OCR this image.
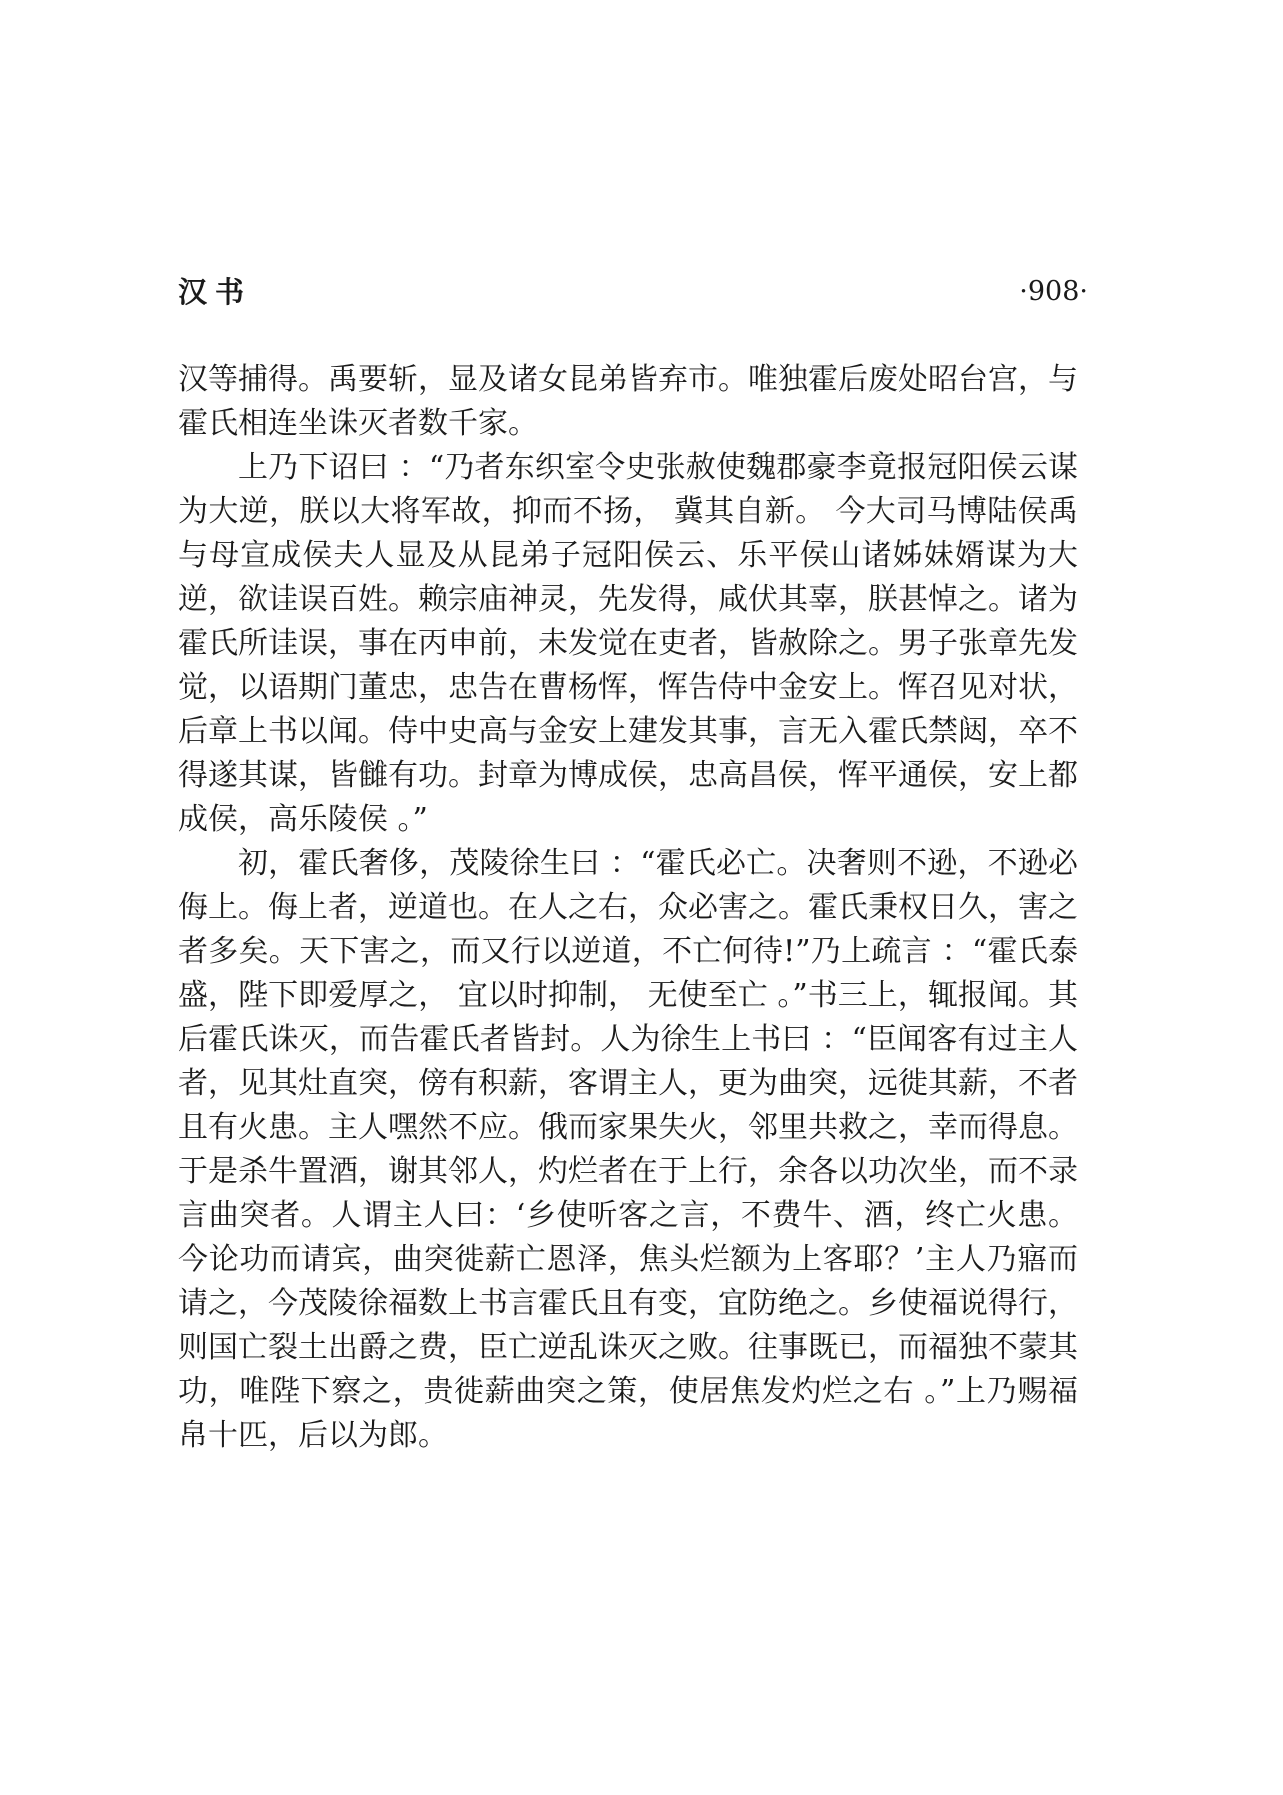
汉书	·908·

汉等捕得。禹要斩，显及诸女昆弟皆弃市。唯独霍后废处昭台宫，与霍氏相连坐诛灭者数千家。

上乃下诏曰 ：“乃者东织室令史张赦使魏郡豪李竟报冠阳侯云谋为大逆，朕以大将军故，抑而不扬， 冀其自新。 今大司马博陆侯禹与母宣成侯夫人显及从昆弟子冠阳侯云、乐平侯山诸姊妹婿谋为大逆，欲诖误百姓。赖宗庙神灵，先发得，咸伏其辜，朕甚悼之。诸为霍氏所诖误，事在丙申前，未发觉在吏者，皆赦除之。男子张章先发觉，以语期门董忠，忠告在曹杨恽，恽告侍中金安上。恽召见对状，后章上书以闻。侍中史高与金安上建发其事，言无入霍氏禁闼，卒不得遂其谋，皆雠有功。封章为博成侯，忠高昌侯，恽平通侯，安上都成侯，高乐陵侯 。”

初，霍氏奢侈，茂陵徐生曰 ：“霍氏必亡。决奢则不逊，不逊必侮上。侮上者，逆道也。在人之右，众必害之。霍氏秉权日久，害之者多矣。天下害之，而又行以逆道，不亡何待!”乃上疏言 ：“霍氏泰盛，陛下即爱厚之， 宜以时抑制， 无使至亡 。”书三上，辄报闻。其后霍氏诛灭，而告霍氏者皆封。人为徐生上书曰 ：“臣闻客有过主人者，见其灶直突，傍有积薪，客谓主人，更为曲突，远徙其薪，不者且有火患。主人嘿然不应。俄而家果失火，邻里共救之，幸而得息。于是杀牛置酒，谢其邻人，灼烂者在于上行，余各以功次坐，而不录言曲突者。人谓主人曰：‘乡使听客之言，不费牛、酒，终亡火患。今论功而请宾，曲突徙薪亡恩泽，焦头烂额为上客耶？’主人乃寤而请之，今茂陵徐福数上书言霍氏且有变，宜防绝之。乡使福说得行，则国亡裂土出爵之费，臣亡逆乱诛灭之败。往事既已，而福独不蒙其功，唯陛下察之，贵徙薪曲突之策，使居焦发灼烂之右 。”上乃赐福帛十匹，后以为郎。
